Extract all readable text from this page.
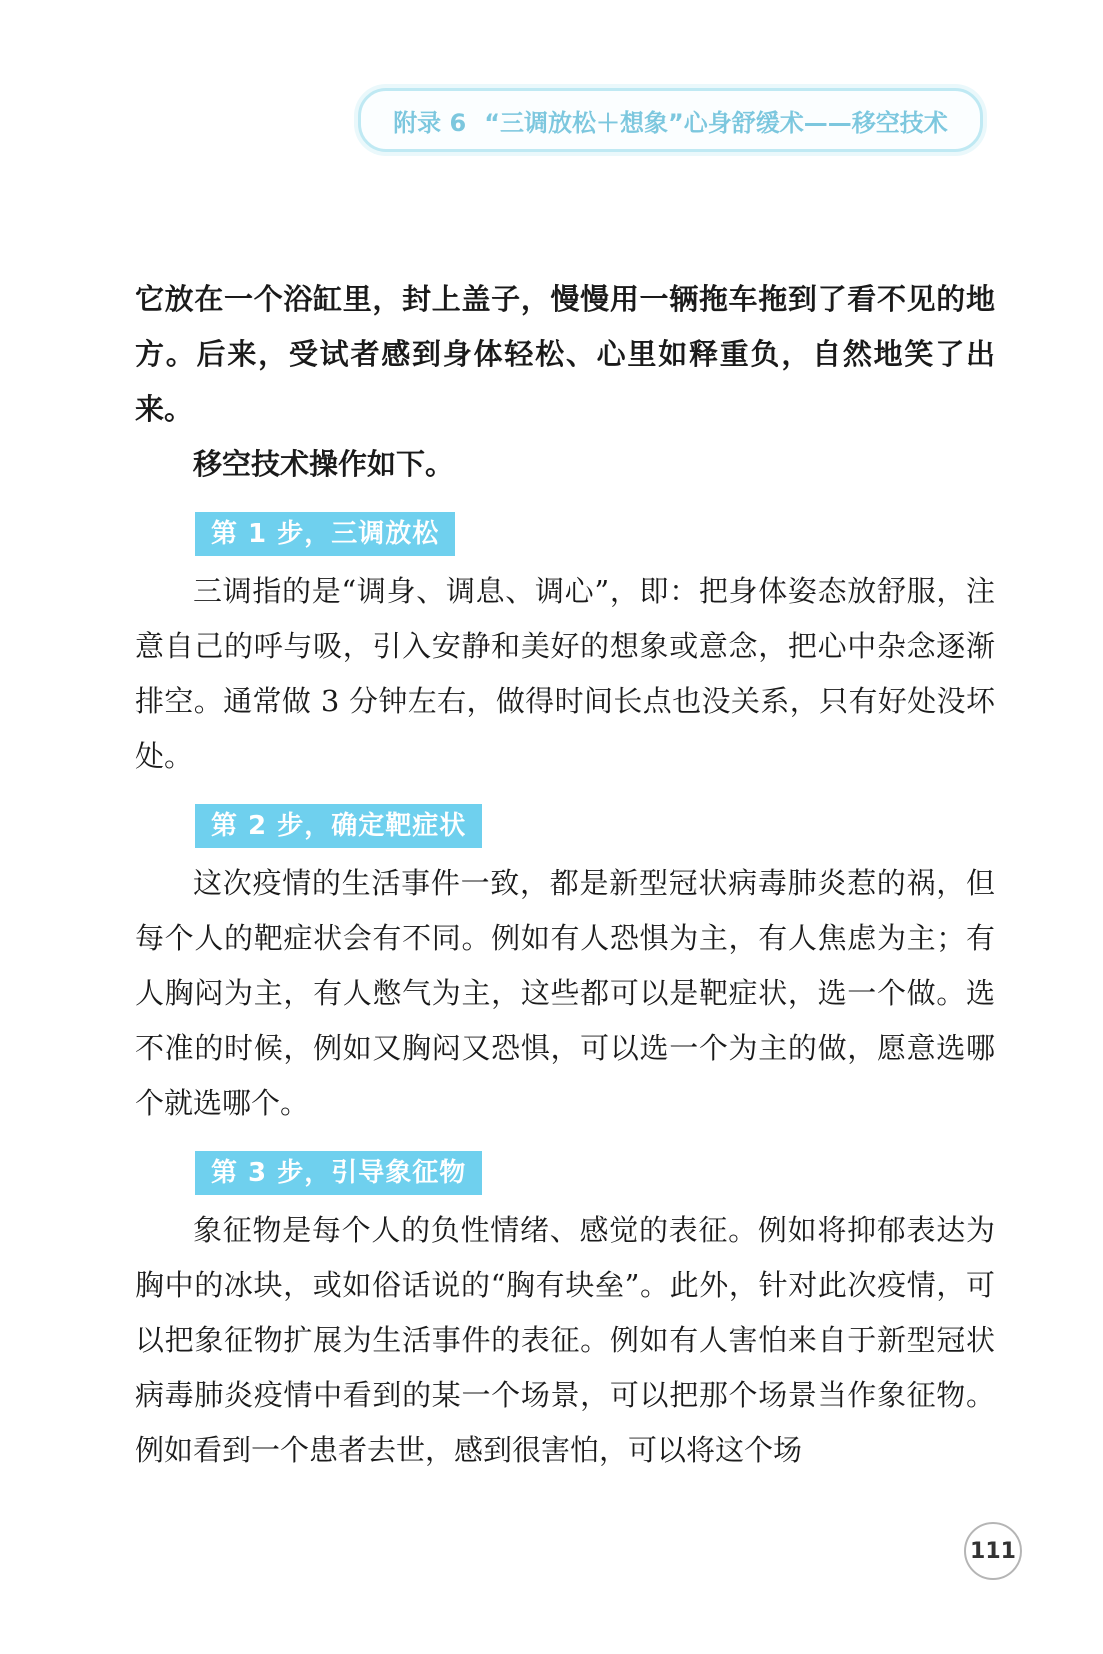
附录 6 “三调放松＋想象”心身舒缓术——移空技术

它放在一个浴缸里，封上盖子，慢慢用一辆拖车拖到了看不见的地方。后来，受试者感到身体轻松、心里如释重负，自然地笑了出来。

移空技术操作如下。

第 1 步，三调放松

三调指的是“调身、调息、调心”，即：把身体姿态放舒服，注意自己的呼与吸，引入安静和美好的想象或意念，把心中杂念逐渐排空。通常做 3 分钟左右，做得时间长点也没关系，只有好处没坏处。

第 2 步，确定靶症状

这次疫情的生活事件一致，都是新型冠状病毒肺炎惹的祸，但每个人的靶症状会有不同。例如有人恐惧为主，有人焦虑为主；有人胸闷为主，有人憋气为主，这些都可以是靶症状，选一个做。选不准的时候，例如又胸闷又恐惧，可以选一个为主的做，愿意选哪个就选哪个。

第 3 步，引导象征物

象征物是每个人的负性情绪、感觉的表征。例如将抑郁表达为胸中的冰块，或如俗话说的“胸有块垒”。此外，针对此次疫情，可以把象征物扩展为生活事件的表征。例如有人害怕来自于新型冠状病毒肺炎疫情中看到的某一个场景，可以把那个场景当作象征物。例如看到一个患者去世，感到很害怕，可以将这个场

111
